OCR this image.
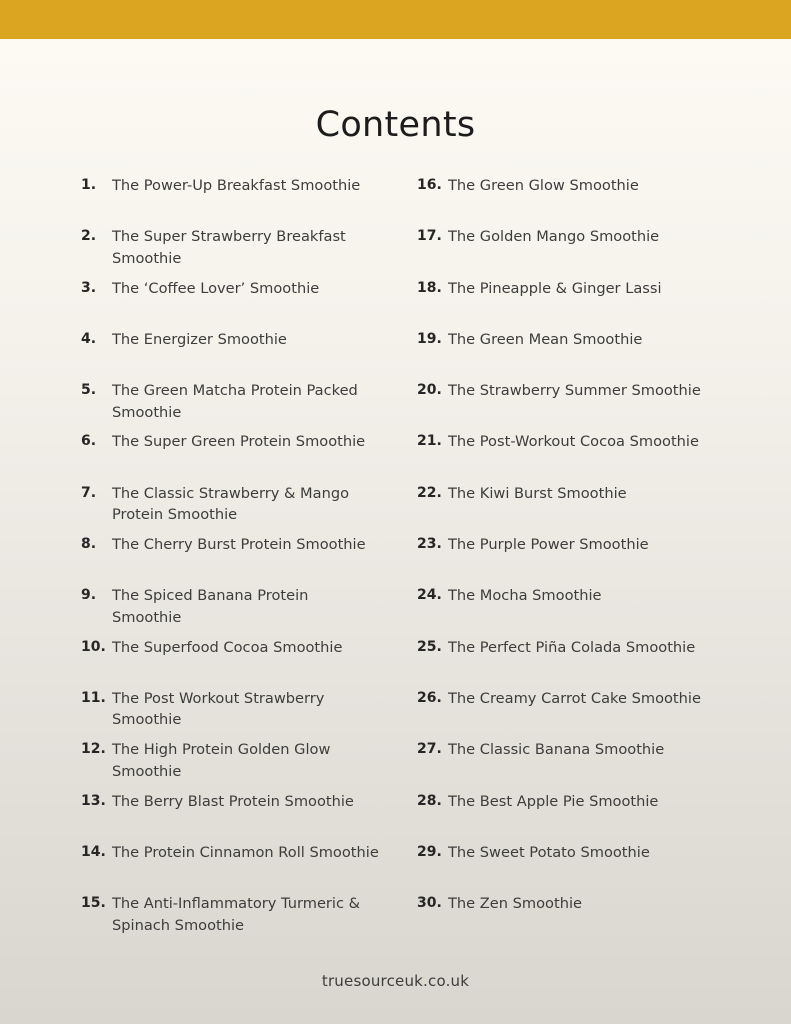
Contents
1. The Power-Up Breakfast Smoothie
2. The Super Strawberry Breakfast Smoothie
3. The ‘Coffee Lover’ Smoothie
4. The Energizer Smoothie
5. The Green Matcha Protein Packed Smoothie
6. The Super Green Protein Smoothie
7. The Classic Strawberry & Mango Protein Smoothie
8. The Cherry Burst Protein Smoothie
9. The Spiced Banana Protein Smoothie
10. The Superfood Cocoa Smoothie
11. The Post Workout Strawberry Smoothie
12. The High Protein Golden Glow Smoothie
13. The Berry Blast Protein Smoothie
14. The Protein Cinnamon Roll Smoothie
15. The Anti-Inflammatory Turmeric & Spinach Smoothie
16. The Green Glow Smoothie
17. The Golden Mango Smoothie
18. The Pineapple & Ginger Lassi
19. The Green Mean Smoothie
20. The Strawberry Summer Smoothie
21. The Post-Workout Cocoa Smoothie
22. The Kiwi Burst Smoothie
23. The Purple Power Smoothie
24. The Mocha Smoothie
25. The Perfect Piña Colada Smoothie
26. The Creamy Carrot Cake Smoothie
27. The Classic Banana Smoothie
28. The Best Apple Pie Smoothie
29. The Sweet Potato Smoothie
30. The Zen Smoothie
truesourceuk.co.uk
